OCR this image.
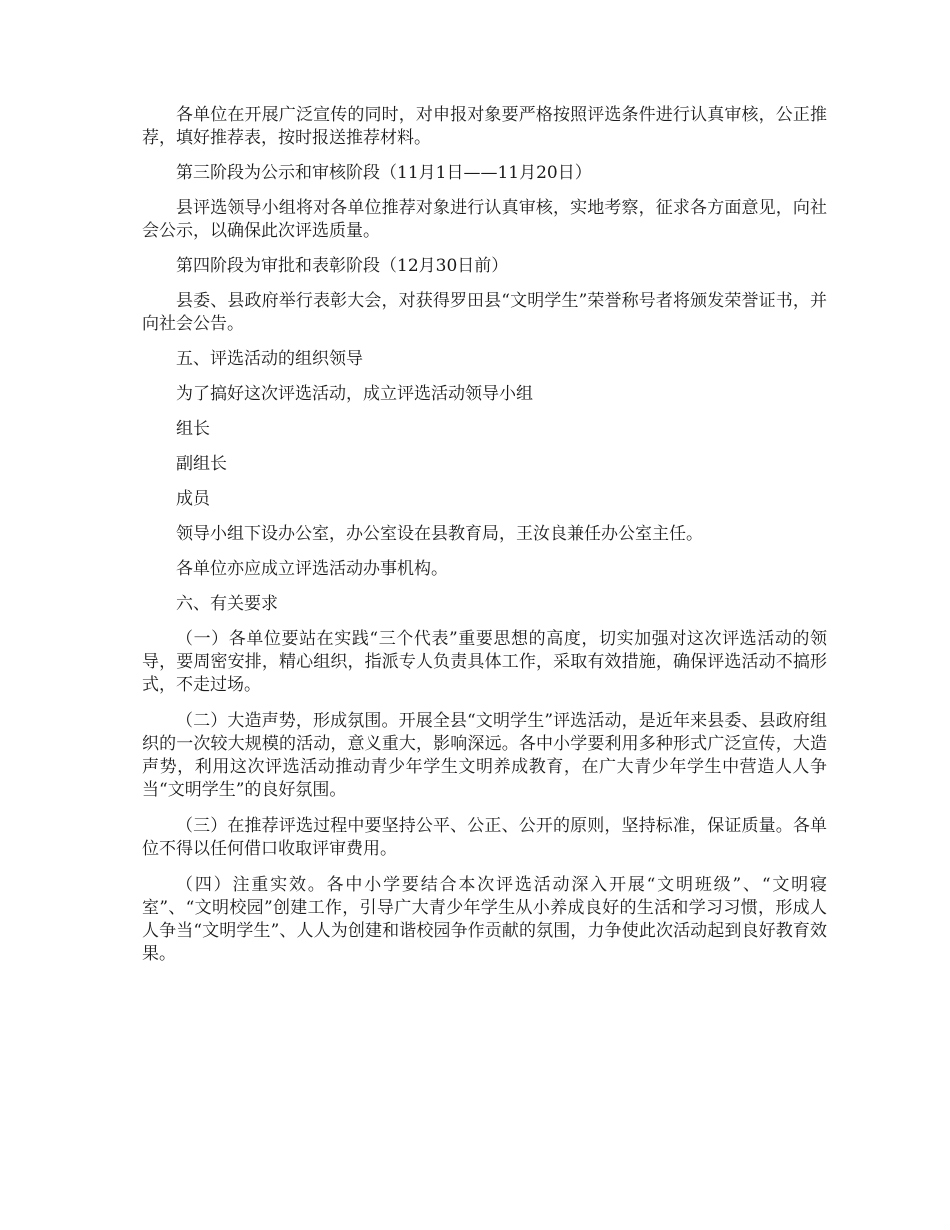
各单位在开展广泛宣传的同时，对申报对象要严格按照评选条件进行认真审核，公正推荐，填好推荐表，按时报送推荐材料。

第三阶段为公示和审核阶段（11月1日——11月20日）

县评选领导小组将对各单位推荐对象进行认真审核，实地考察，征求各方面意见，向社会公示，以确保此次评选质量。

第四阶段为审批和表彰阶段（12月30日前）

县委、县政府举行表彰大会，对获得罗田县“文明学生”荣誉称号者将颁发荣誉证书，并向社会公告。

五、评选活动的组织领导

为了搞好这次评选活动，成立评选活动领导小组

组长

副组长

成员

领导小组下设办公室，办公室设在县教育局，王汝良兼任办公室主任。

各单位亦应成立评选活动办事机构。

六、有关要求

（一）各单位要站在实践“三个代表”重要思想的高度，切实加强对这次评选活动的领导，要周密安排，精心组织，指派专人负责具体工作，采取有效措施，确保评选活动不搞形式，不走过场。

（二）大造声势，形成氛围。开展全县“文明学生”评选活动，是近年来县委、县政府组织的一次较大规模的活动，意义重大，影响深远。各中小学要利用多种形式广泛宣传，大造声势，利用这次评选活动推动青少年学生文明养成教育，在广大青少年学生中营造人人争当“文明学生”的良好氛围。

（三）在推荐评选过程中要坚持公平、公正、公开的原则，坚持标准，保证质量。各单位不得以任何借口收取评审费用。

（四）注重实效。各中小学要结合本次评选活动深入开展“文明班级”、“文明寝室”、“文明校园”创建工作，引导广大青少年学生从小养成良好的生活和学习习惯，形成人人争当“文明学生”、人人为创建和谐校园争作贡献的氛围，力争使此次活动起到良好教育效果。
